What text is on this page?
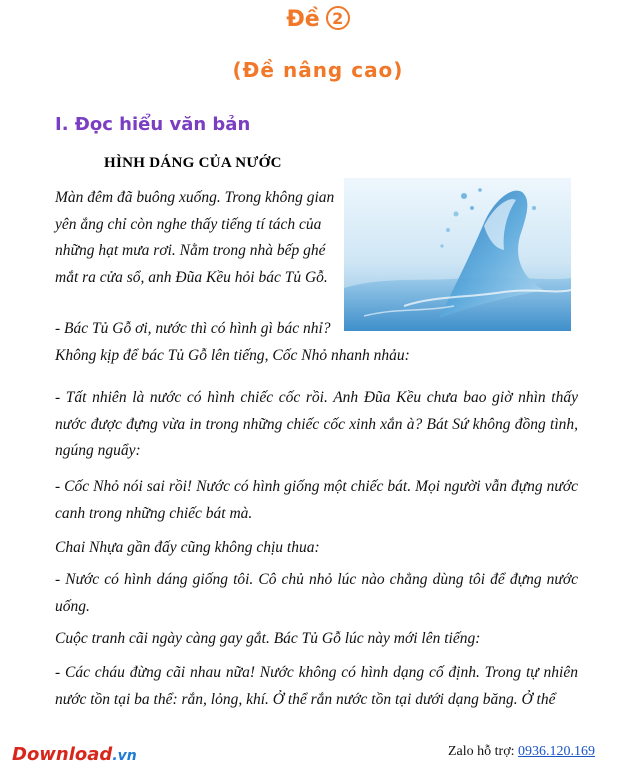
Đề 2
(Đề nâng cao)
I. Đọc hiểu văn bản
HÌNH DÁNG CỦA NƯỚC
Màn đêm đã buông xuống. Trong không gian yên ắng chỉ còn nghe thấy tiếng tí tách của những hạt mưa rơi. Nằm trong nhà bếp ghé mắt ra cửa sổ, anh Đũa Kều hỏi bác Tủ Gỗ.
- Bác Tủ Gỗ ơi, nước thì có hình gì bác nhỉ?
Không kịp để bác Tủ Gỗ lên tiếng, Cốc Nhỏ nhanh nhảu:
- Tất nhiên là nước có hình chiếc cốc rồi. Anh Đũa Kều chưa bao giờ nhìn thấy nước được đựng vừa in trong những chiếc cốc xinh xắn à? Bát Sứ không đồng tình, ngúng nguẩy:
- Cốc Nhỏ nói sai rồi! Nước có hình giống một chiếc bát. Mọi người vẫn đựng nước canh trong những chiếc bát mà.
Chai Nhựa gần đấy cũng không chịu thua:
- Nước có hình dáng giống tôi. Cô chủ nhỏ lúc nào chẳng dùng tôi để đựng nước uống.
Cuộc tranh cãi ngày càng gay gắt. Bác Tủ Gỗ lúc này mới lên tiếng:
- Các cháu đừng cãi nhau nữa! Nước không có hình dạng cố định. Trong tự nhiên nước tồn tại ba thể: rắn, lỏng, khí. Ở thể rắn nước tồn tại dưới dạng băng. Ở thể
Download.vn	Zalo hỗ trợ: 0936.120.169
